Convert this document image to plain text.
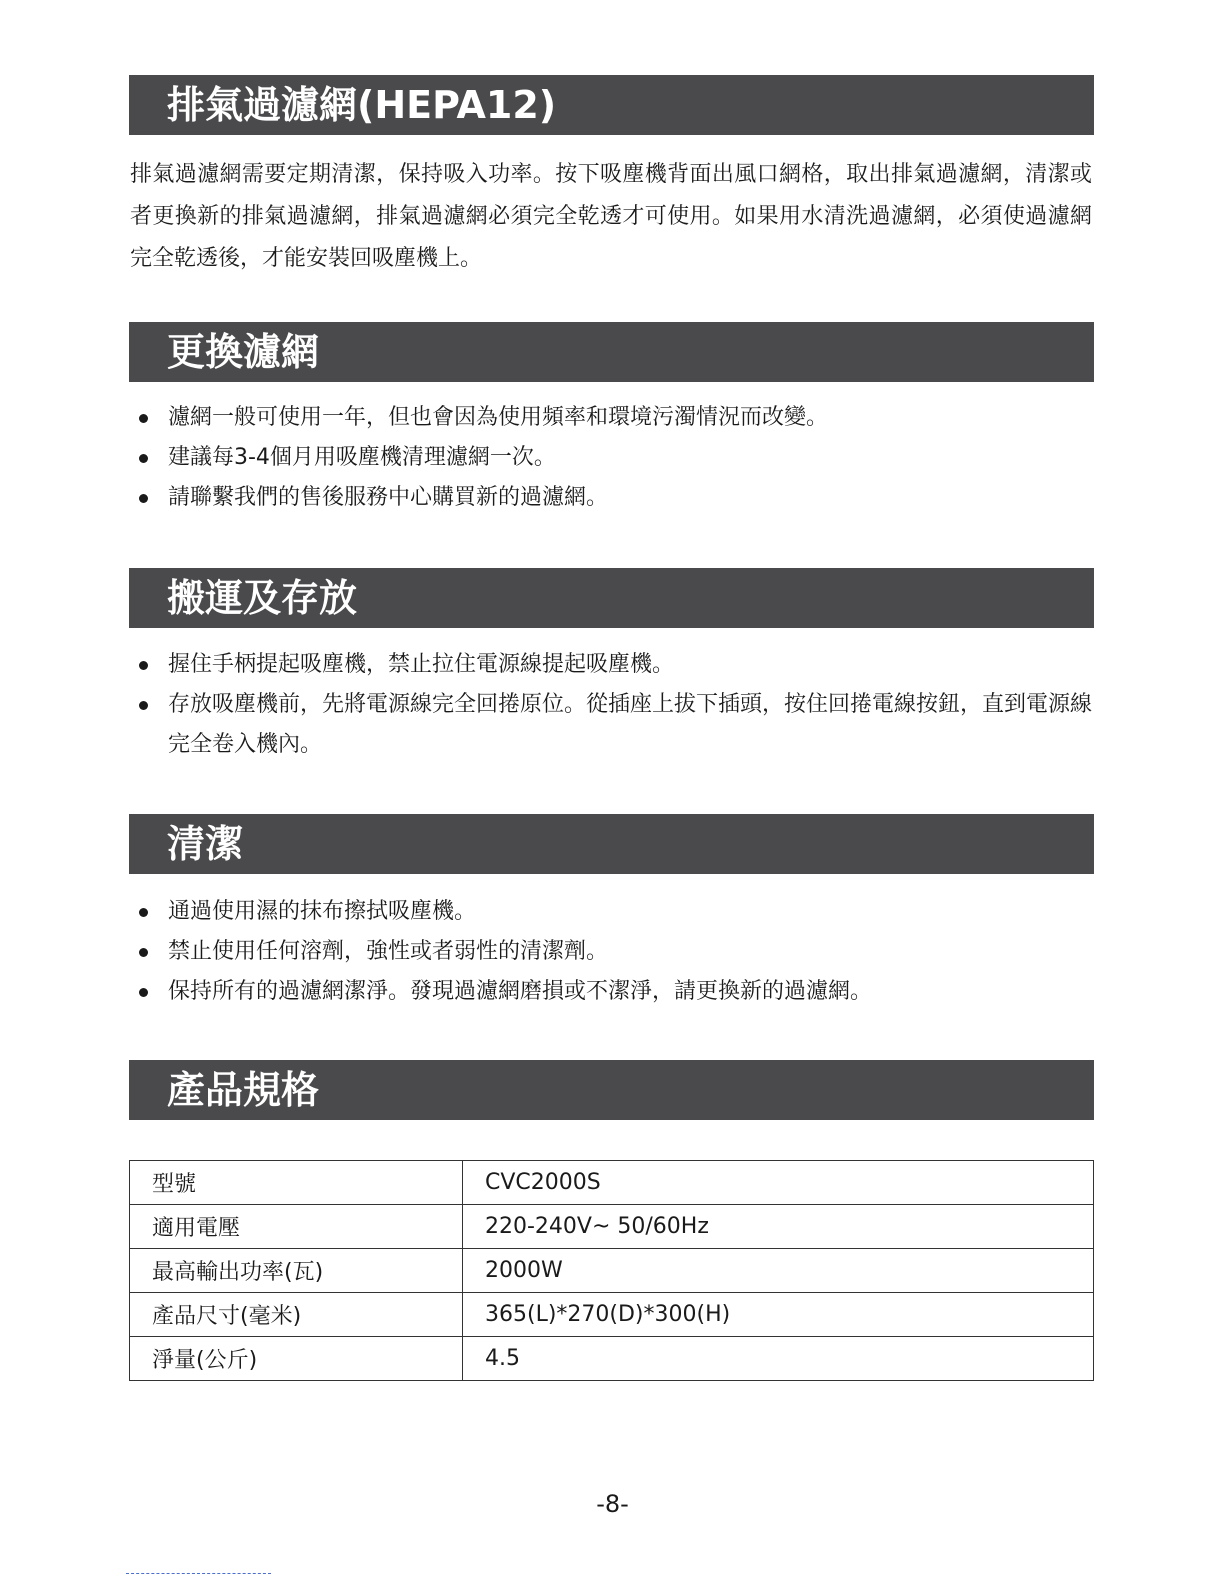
排氣過濾網(HEPA12)

排氣過濾網需要定期清潔，保持吸入功率。按下吸塵機背面出風口網格，取出排氣過濾網，清潔或者更換新的排氣過濾網，排氣過濾網必須完全乾透才可使用。如果用水清洗過濾網，必須使過濾網完全乾透後，才能安裝回吸塵機上。

更換濾網
濾網一般可使用一年，但也會因為使用頻率和環境污濁情況而改變。
建議每3-4個月用吸塵機清理濾網一次。
請聯繫我們的售後服務中心購買新的過濾網。
搬運及存放
握住手柄提起吸塵機，禁止拉住電源線提起吸塵機。
存放吸塵機前，先將電源線完全回捲原位。從插座上拔下插頭，按住回捲電線按鈕，直到電源線完全卷入機內。
清潔
通過使用濕的抹布擦拭吸塵機。
禁止使用任何溶劑，強性或者弱性的清潔劑。
保持所有的過濾網潔淨。發現過濾網磨損或不潔淨，請更換新的過濾網。
產品規格
型號	CVC2000S
適用電壓	220-240V~ 50/60Hz
最高輸出功率(瓦)	2000W
產品尺寸(毫米)	365(L)*270(D)*300(H)
淨量(公斤)	4.5
-8-
